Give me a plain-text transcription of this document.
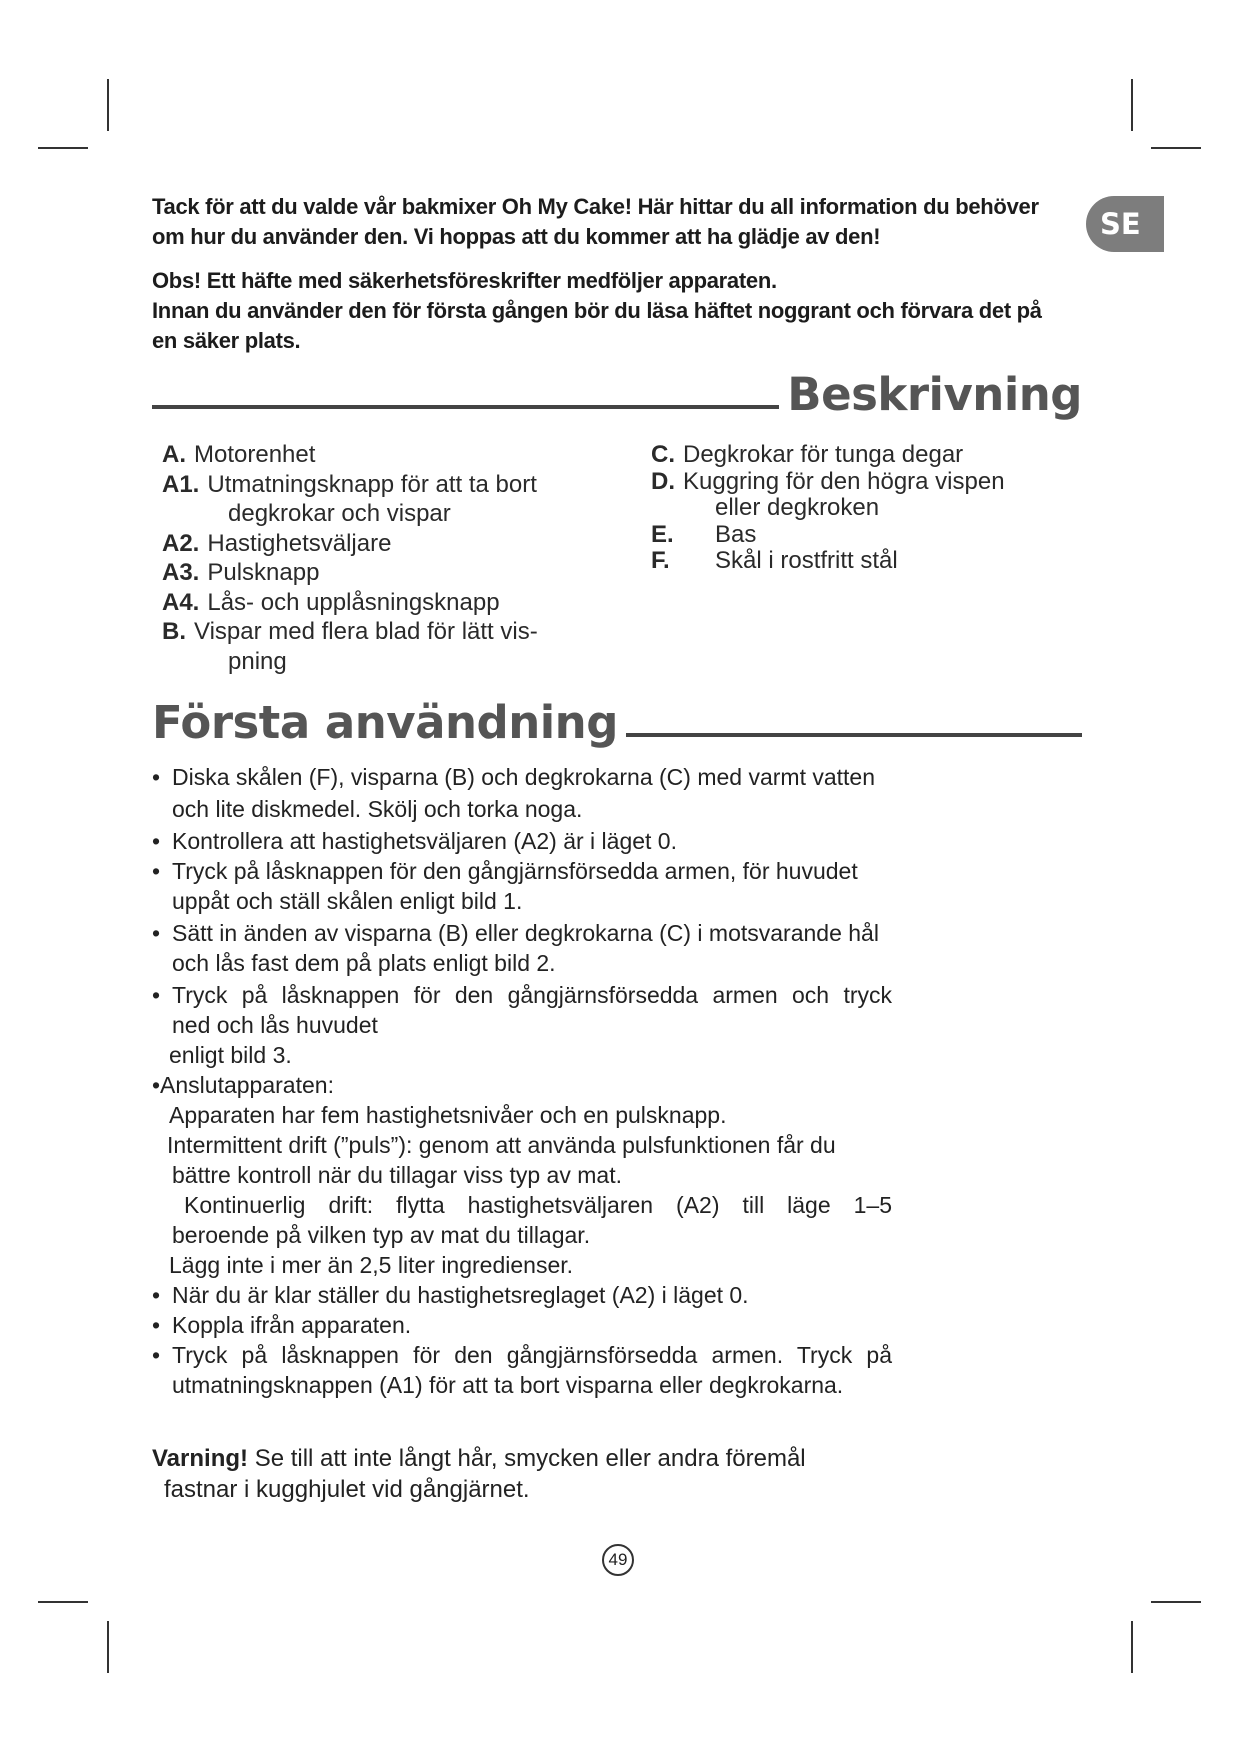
SE

Tack för att du valde vår bakmixer Oh My Cake! Här hittar du all information du behöver

om hur du använder den. Vi hoppas att du kommer att ha glädje av den!

Obs! Ett häfte med säkerhetsföreskrifter medföljer apparaten.

Innan du använder den för första gången bör du läsa häftet noggrant och förvara det på

en säker plats.

Beskrivning
A. Motorenhet
A1. Utmatningsknapp för att ta bort
degkrokar och vispar
A2. Hastighetsväljare
A3. Pulsknapp
A4. Lås- och upplåsningsknapp
B. Vispar med flera blad för lätt vis-
pning
C. Degkrokar för tunga degar
D. Kuggring för den högra vispen
eller degkroken
E.	Bas
F.	Skål i rostfritt stål
Första användning
• Diska skålen (F), visparna (B) och degkrokarna (C) med varmt vatten
och lite diskmedel. Skölj och torka noga.
• Kontrollera att hastighetsväljaren (A2) är i läget 0.
• Tryck på låsknappen för den gångjärnsförsedda armen, för huvudet
uppåt och ställ skålen enligt bild 1.
• Sätt in änden av visparna (B) eller degkrokarna (C) i motsvarande hål
och lås fast dem på plats enligt bild 2.
• Tryck på låsknappen för den gångjärnsförsedda armen och tryck
ned och lås huvudet
enligt bild 3.
•Anslutapparaten:
Apparaten har fem hastighetsnivåer och en pulsknapp.
Intermittent drift (”puls”): genom att använda pulsfunktionen får du
bättre kontroll när du tillagar viss typ av mat.
Kontinuerlig drift: flytta hastighetsväljaren (A2) till läge 1–5
beroende på vilken typ av mat du tillagar.
Lägg inte i mer än 2,5 liter ingredienser.
• När du är klar ställer du hastighetsreglaget (A2) i läget 0.
• Koppla ifrån apparaten.
• Tryck på låsknappen för den gångjärnsförsedda armen. Tryck på
utmatningsknappen (A1) för att ta bort visparna eller degkrokarna.
Varning! Se till att inte långt hår, smycken eller andra föremål
fastnar i kugghjulet vid gångjärnet.
49
